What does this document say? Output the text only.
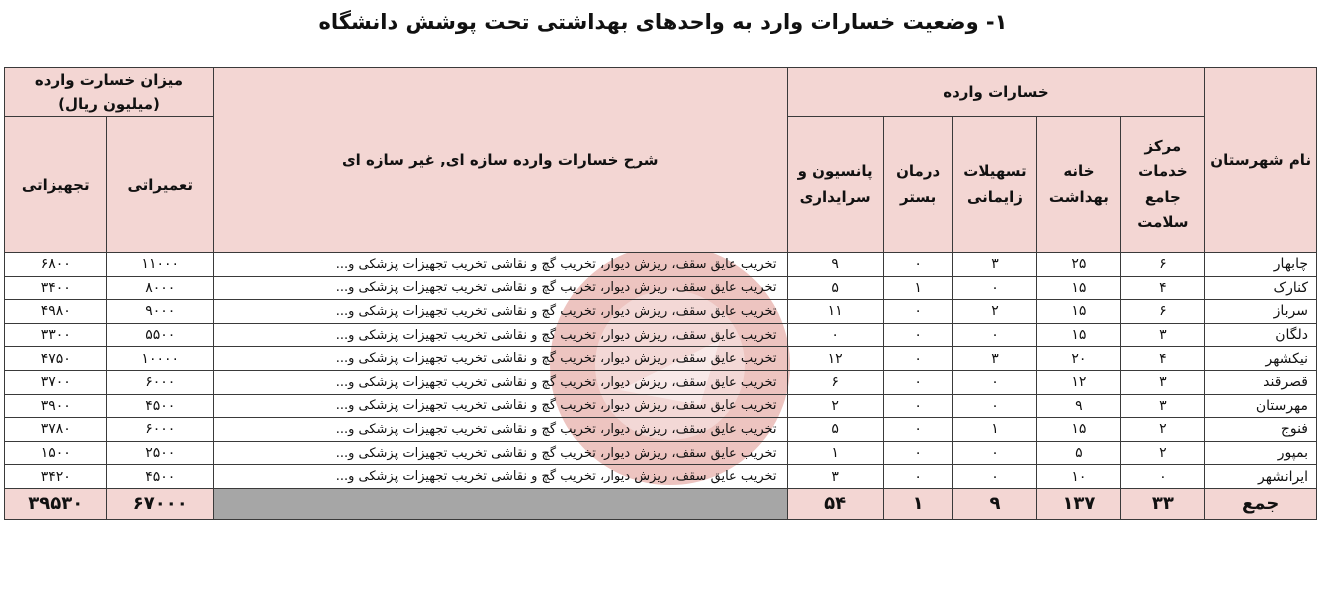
۱- وضعیت خسارات وارد به واحدهای بهداشتی تحت پوشش دانشگاه
نام شهرستان	خسارات وارده					شرح خسارات وارده سازه ای, غیر سازه ای	میزان خسارت وارده (میلیون ریال)	
	مرکز خدمات جامع سلامت	خانه بهداشت	تسهیلات زایمانی	درمان بستر	پانسیون و سرایداری		تعمیراتی	تجهیزاتی
چابهار	۶	۲۵	۳	۰	۹	تخریب عایق سقف، ریزش دیوار، تخریب گچ و نقاشی تخریب تجهیزات پزشکی و...	۱۱۰۰۰	۶۸۰۰
کنارک	۴	۱۵	۰	۱	۵	تخریب عایق سقف، ریزش دیوار، تخریب گچ و نقاشی تخریب تجهیزات پزشکی و...	۸۰۰۰	۳۴۰۰
سرباز	۶	۱۵	۲	۰	۱۱	تخریب عایق سقف، ریزش دیوار، تخریب گچ و نقاشی تخریب تجهیزات پزشکی و...	۹۰۰۰	۴۹۸۰
دلگان	۳	۱۵	۰	۰	۰	تخریب عایق سقف، ریزش دیوار، تخریب گچ و نقاشی تخریب تجهیزات پزشکی و...	۵۵۰۰	۳۳۰۰
نیکشهر	۴	۲۰	۳	۰	۱۲	تخریب عایق سقف، ریزش دیوار، تخریب گچ و نقاشی تخریب تجهیزات پزشکی و...	۱۰۰۰۰	۴۷۵۰
قصرقند	۳	۱۲	۰	۰	۶	تخریب عایق سقف، ریزش دیوار، تخریب گچ و نقاشی تخریب تجهیزات پزشکی و...	۶۰۰۰	۳۷۰۰
مهرستان	۳	۹	۰	۰	۲	تخریب عایق سقف، ریزش دیوار، تخریب گچ و نقاشی تخریب تجهیزات پزشکی و...	۴۵۰۰	۳۹۰۰
فنوج	۲	۱۵	۱	۰	۵	تخریب عایق سقف، ریزش دیوار، تخریب گچ و نقاشی تخریب تجهیزات پزشکی و...	۶۰۰۰	۳۷۸۰
بمپور	۲	۵	۰	۰	۱	تخریب عایق سقف، ریزش دیوار، تخریب گچ و نقاشی تخریب تجهیزات پزشکی و...	۲۵۰۰	۱۵۰۰
ایرانشهر	۰	۱۰	۰	۰	۳	تخریب عایق سقف، ریزش دیوار، تخریب گچ و نقاشی تخریب تجهیزات پزشکی و...	۴۵۰۰	۳۴۲۰
جمع	۳۳	۱۳۷	۹	۱	۵۴		۶۷۰۰۰	۳۹۵۳۰
